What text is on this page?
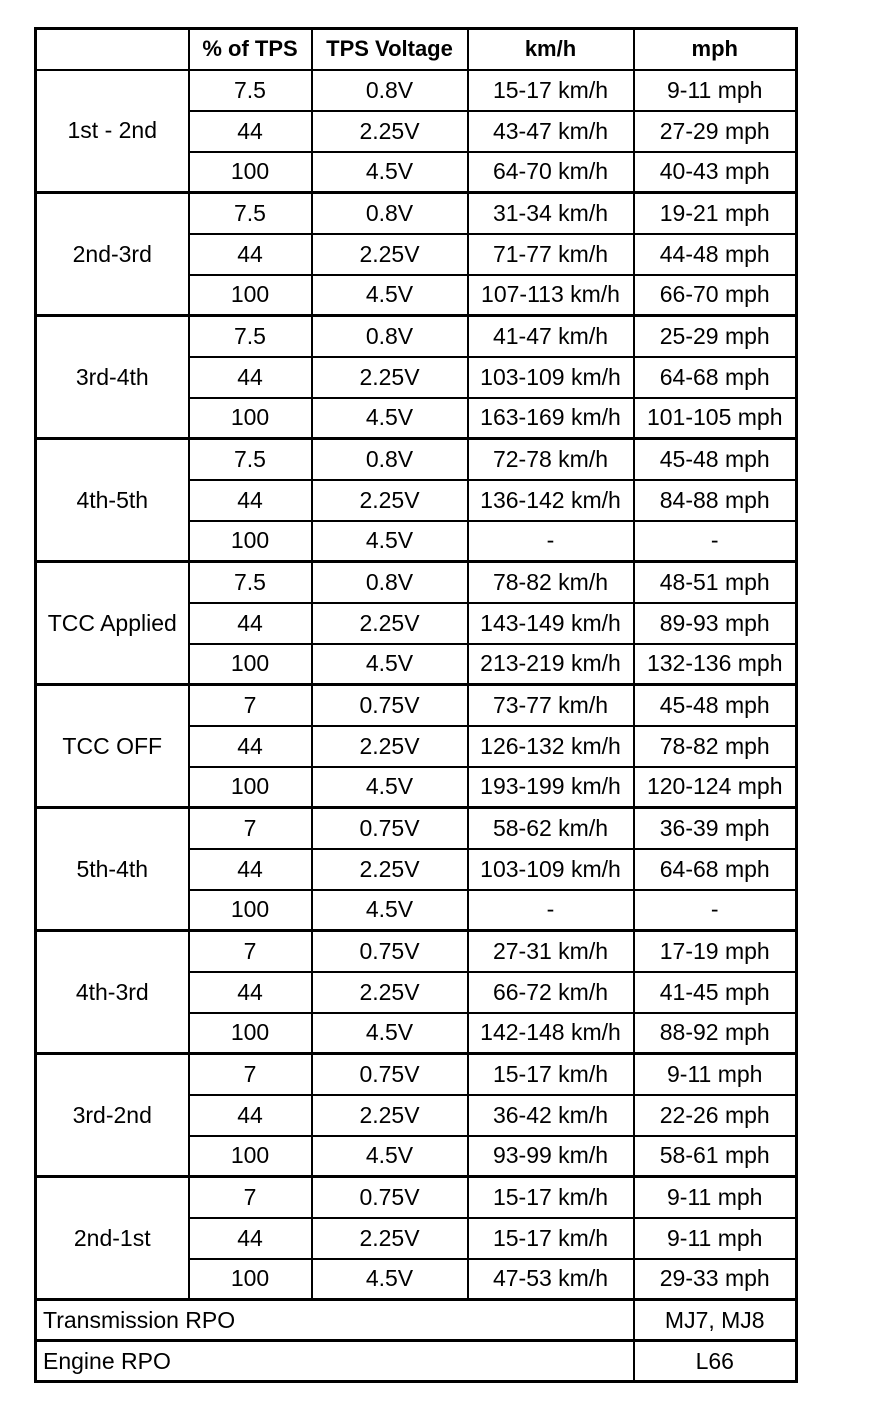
	% of TPS	TPS Voltage	km/h	mph
1st - 2nd	7.5	0.8V	15-17 km/h	9-11 mph
	44	2.25V	43-47 km/h	27-29 mph
	100	4.5V	64-70 km/h	40-43 mph
2nd-3rd	7.5	0.8V	31-34 km/h	19-21 mph
	44	2.25V	71-77 km/h	44-48 mph
	100	4.5V	107-113 km/h	66-70 mph
3rd-4th	7.5	0.8V	41-47 km/h	25-29 mph
	44	2.25V	103-109 km/h	64-68 mph
	100	4.5V	163-169 km/h	101-105 mph
4th-5th	7.5	0.8V	72-78 km/h	45-48 mph
	44	2.25V	136-142 km/h	84-88 mph
	100	4.5V	-	-
TCC Applied	7.5	0.8V	78-82 km/h	48-51 mph
	44	2.25V	143-149 km/h	89-93 mph
	100	4.5V	213-219 km/h	132-136 mph
TCC OFF	7	0.75V	73-77 km/h	45-48 mph
	44	2.25V	126-132 km/h	78-82 mph
	100	4.5V	193-199 km/h	120-124 mph
5th-4th	7	0.75V	58-62 km/h	36-39 mph
	44	2.25V	103-109 km/h	64-68 mph
	100	4.5V	-	-
4th-3rd	7	0.75V	27-31 km/h	17-19 mph
	44	2.25V	66-72 km/h	41-45 mph
	100	4.5V	142-148 km/h	88-92 mph
3rd-2nd	7	0.75V	15-17 km/h	9-11 mph
	44	2.25V	36-42 km/h	22-26 mph
	100	4.5V	93-99 km/h	58-61 mph
2nd-1st	7	0.75V	15-17 km/h	9-11 mph
	44	2.25V	15-17 km/h	9-11 mph
	100	4.5V	47-53 km/h	29-33 mph
Transmission RPO				MJ7, MJ8
Engine RPO				L66
